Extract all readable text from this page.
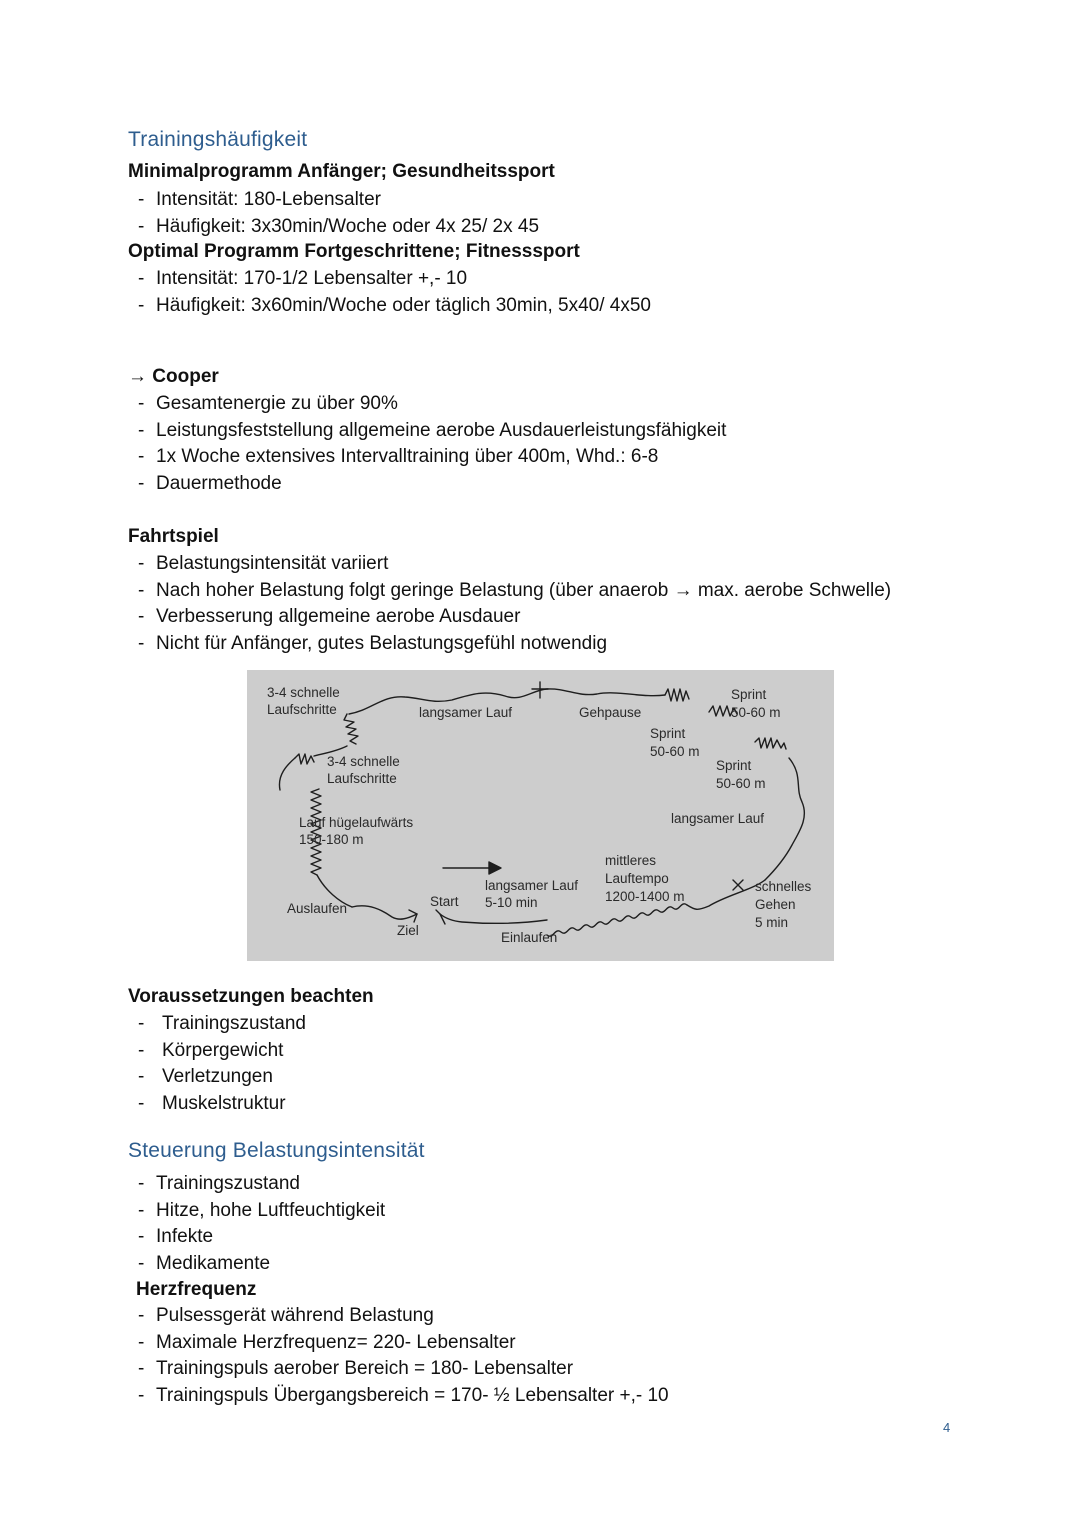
Trainingshäufigkeit
Minimalprogramm Anfänger; Gesundheitssport
- Intensität: 180-Lebensalter
- Häufigkeit: 3x30min/Woche oder 4x 25/ 2x 45
Optimal Programm Fortgeschrittene; Fitnesssport
- Intensität: 170-1/2 Lebensalter +,- 10
- Häufigkeit: 3x60min/Woche oder täglich 30min, 5x40/ 4x50
→ Cooper
- Gesamtenergie zu über 90%
- Leistungsfeststellung allgemeine aerobe Ausdauerleistungsfähigkeit
- 1x Woche extensives Intervalltraining über 400m, Whd.: 6-8
- Dauermethode
Fahrtspiel
- Belastungsintensität variiert
- Nach hoher Belastung folgt geringe Belastung (über anaerob → max. aerobe Schwelle)
- Verbesserung allgemeine aerobe Ausdauer
- Nicht für Anfänger, gutes Belastungsgefühl notwendig
3-4 schnelle
Laufschritte	langsamer Lauf	Gehpause
Sprint
50-60 m
Sprint
50-60 m
Sprint
50-60 m
3-4 schnelle
Laufschritte
Lauf hügelaufwärts
150-180 m
langsamer Lauf
mittleres
Lauftempo
1200-1400 m
langsamer Lauf
5-10 min
Start
Auslaufen
Ziel	Einlaufen
schnelles
Gehen
5 min
Voraussetzungen beachten
- Trainingszustand
- Körpergewicht
- Verletzungen
- Muskelstruktur
Steuerung Belastungsintensität
- Trainingszustand
- Hitze, hohe Luftfeuchtigkeit
- Infekte
- Medikamente
Herzfrequenz
- Pulsessgerät während Belastung
- Maximale Herzfrequenz= 220- Lebensalter
- Trainingspuls aerober Bereich = 180- Lebensalter
- Trainingspuls Übergangsbereich = 170- ½ Lebensalter +,- 10
4
